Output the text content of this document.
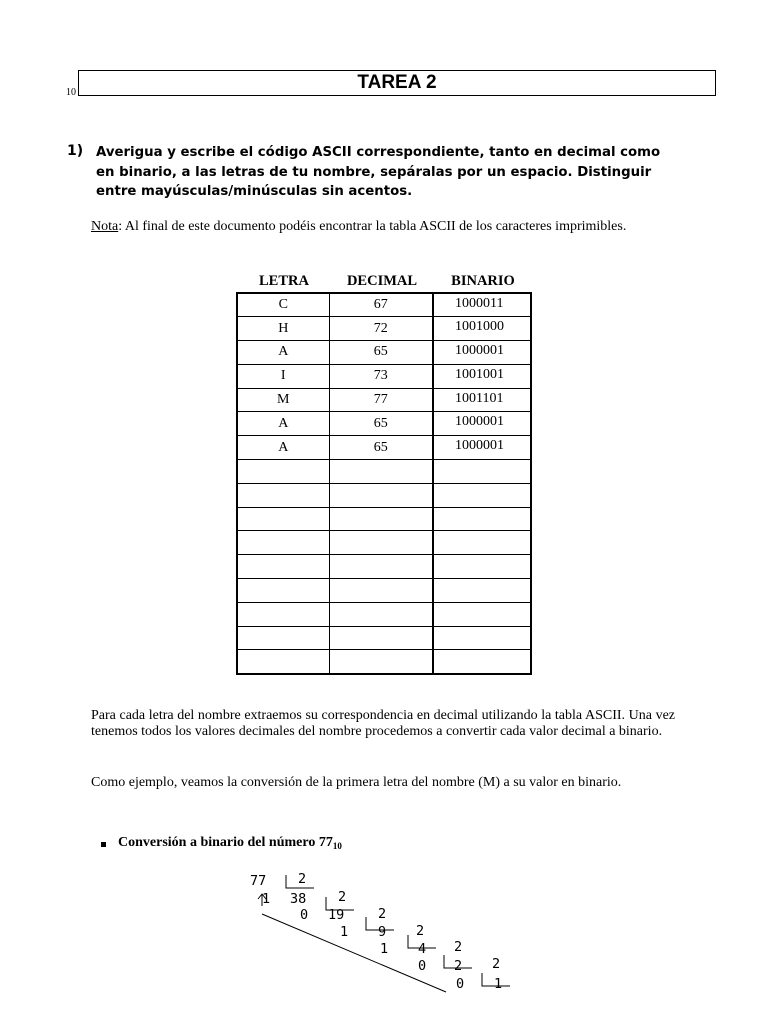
10	TAREA 2
1) Averigua y escribe el código ASCII correspondiente, tanto en decimal como
en binario, a las letras de tu nombre, sepáralas por un espacio. Distinguir
entre mayúsculas/minúsculas sin acentos.
Nota: Al final de este documento podéis encontrar la tabla ASCII de los caracteres imprimibles.
LETRA	DECIMAL	BINARIO
C	67	1000011
H	72	1001000
A	65	1000001
I	73	1001001
M	77	1001101
A	65	1000001
A	65	1000001

Para cada letra del nombre extraemos su correspondencia en decimal utilizando la tabla ASCII. Una vez tenemos todos los valores decimales del nombre procedemos a convertir cada valor decimal a binario.
Como ejemplo, veamos la conversión de la primera letra del nombre (M) a su valor en binario.
Conversión a binario del número $77_{10}$
77 2
1 38 2
0 19 2
1 9 2
1 4 2
0 2 2
0 1
